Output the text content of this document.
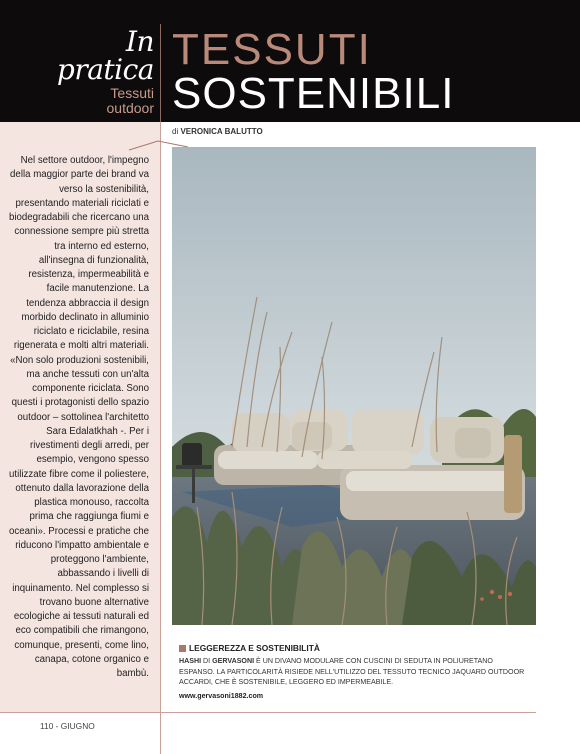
In pratica
Tessuti
outdoor
TESSUTI
SOSTENIBILI
di VERONICA BALUTTO
Nel settore outdoor, l'impegno della maggior parte dei brand va verso la sostenibilità, presentando materiali riciclati e biodegradabili che ricercano una connessione sempre più stretta tra interno ed esterno, all'insegna di funzionalità, resistenza, impermeabilità e facile manutenzione. La tendenza abbraccia il design morbido declinato in alluminio riciclato e riciclabile, resina rigenerata e molti altri materiali. «Non solo produzioni sostenibili, ma anche tessuti con un'alta componente riciclata. Sono questi i protagonisti dello spazio outdoor – sottolinea l'architetto Sara Edalatkhah -. Per i rivestimenti degli arredi, per esempio, vengono spesso utilizzate fibre come il poliestere, ottenuto dalla lavorazione della plastica monouso, raccolta prima che raggiunga fiumi e oceani». Processi e pratiche che riducono l'impatto ambientale e proteggono l'ambiente, abbassando i livelli di inquinamento. Nel complesso si trovano buone alternative ecologiche ai tessuti naturali ed eco compatibili che rimangono, comunque, presenti, come lino, canapa, cotone organico e bambù.
LEGGEREZZA E SOSTENIBILITÀ
HASHI DI GERVASONI È UN DIVANO MODULARE CON CUSCINI DI SEDUTA IN POLIURETANO ESPANSO. LA PARTICOLARITÀ RISIEDE NELL'UTILIZZO DEL TESSUTO TECNICO JAQUARD OUTDOOR ACCARDI, CHE È SOSTENIBILE, LEGGERO ED IMPERMEABILE.
www.gervasoni1882.com
110 - GIUGNO
